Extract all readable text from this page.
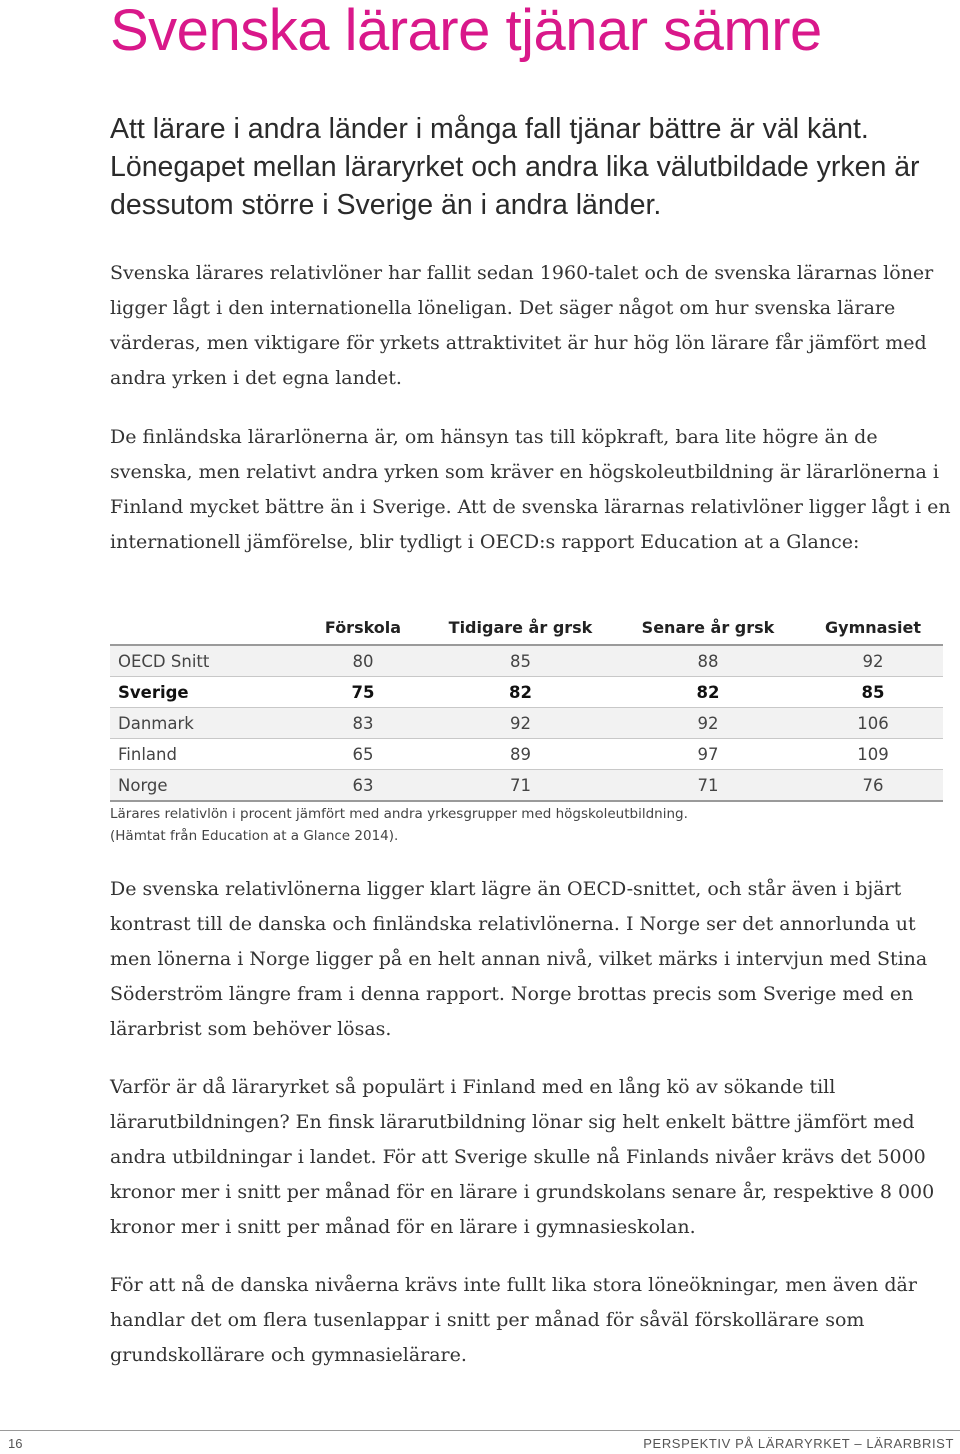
Svenska lärare tjänar sämre

Att lärare i andra länder i många fall tjänar bättre är väl känt. Lönegapet mellan läraryrket och andra lika välutbildade yrken är dessutom större i Sverige än i andra länder.

Svenska lärares relativlöner har fallit sedan 1960-talet och de svenska lärarnas löner ligger lågt i den internationella löneligan. Det säger något om hur svenska lärare värderas, men viktigare för yrkets attraktivitet är hur hög lön lärare får jämfört med andra yrken i det egna landet.

De finländska lärarlönerna är, om hänsyn tas till köpkraft, bara lite högre än de svenska, men relativt andra yrken som kräver en högskoleutbildning är lärarlönerna i Finland mycket bättre än i Sverige. Att de svenska lärarnas relativlöner ligger lågt i en internationell jämförelse, blir tydligt i OECD:s rapport Education at a Glance:

	Förskola	Tidigare år grsk	Senare år grsk	Gymnasiet
OECD Snitt	80	85	88	92
Sverige	75	82	82	85
Danmark	83	92	92	106
Finland	65	89	97	109
Norge	63	71	71	76
Lärares relativlön i procent jämfört med andra yrkesgrupper med högskoleutbildning.
(Hämtat från Education at a Glance 2014).

De svenska relativlönerna ligger klart lägre än OECD-snittet, och står även i bjärt kontrast till de danska och finländska relativlönerna. I Norge ser det annorlunda ut men lönerna i Norge ligger på en helt annan nivå, vilket märks i intervjun med Stina Söderström längre fram i denna rapport. Norge brottas precis som Sverige med en lärarbrist som behöver lösas.

Varför är då läraryrket så populärt i Finland med en lång kö av sökande till lärarutbildningen? En finsk lärarutbildning lönar sig helt enkelt bättre jämfört med andra utbildningar i landet. För att Sverige skulle nå Finlands nivåer krävs det 5000 kronor mer i snitt per månad för en lärare i grundskolans senare år, respektive 8 000 kronor mer i snitt per månad för en lärare i gymnasieskolan.

För att nå de danska nivåerna krävs inte fullt lika stora löneökningar, men även där handlar det om flera tusenlappar i snitt per månad för såväl förskollärare som grundskollärare och gymnasielärare.

16	PERSPEKTIV PÅ LÄRARYRKET – LÄRARBRIST
